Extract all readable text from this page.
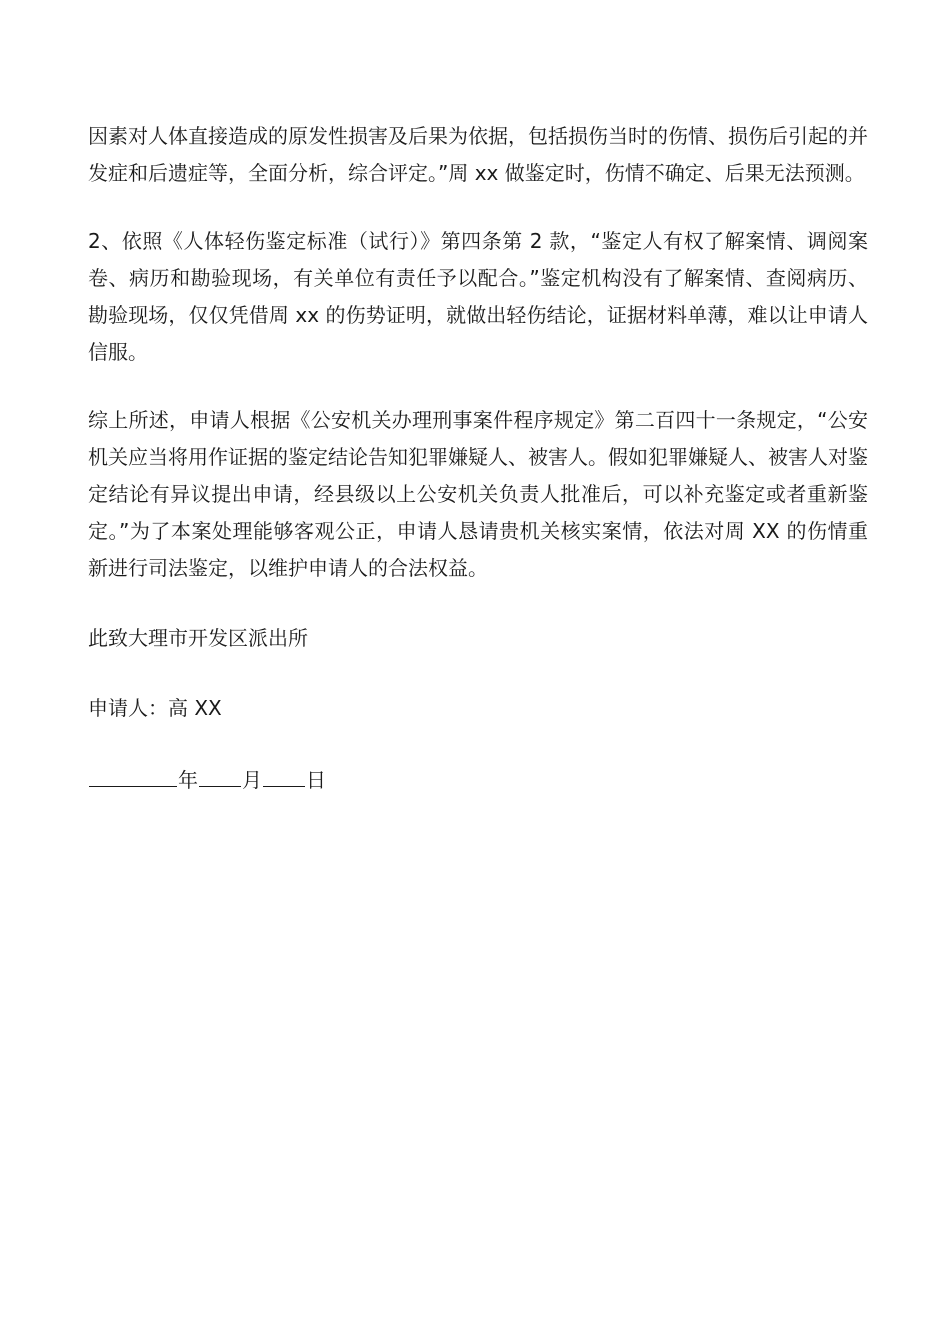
因素对人体直接造成的原发性损害及后果为依据，包括损伤当时的伤情、损伤后引起的并发症和后遗症等，全面分析，综合评定。”周 xx 做鉴定时，伤情不确定、后果无法预测。

2、依照《人体轻伤鉴定标准（试行）》第四条第 2 款，“鉴定人有权了解案情、调阅案卷、病历和勘验现场，有关单位有责任予以配合。”鉴定机构没有了解案情、查阅病历、勘验现场，仅仅凭借周 xx 的伤势证明，就做出轻伤结论，证据材料单薄，难以让申请人信服。

综上所述，申请人根据《公安机关办理刑事案件程序规定》第二百四十一条规定，“公安机关应当将用作证据的鉴定结论告知犯罪嫌疑人、被害人。假如犯罪嫌疑人、被害人对鉴定结论有异议提出申请，经县级以上公安机关负责人批准后，可以补充鉴定或者重新鉴定。”为了本案处理能够客观公正，申请人恳请贵机关核实案情，依法对周 XX 的伤情重新进行司法鉴定，以维护申请人的合法权益。

此致大理市开发区派出所

申请人：高 XX

年 月 日
